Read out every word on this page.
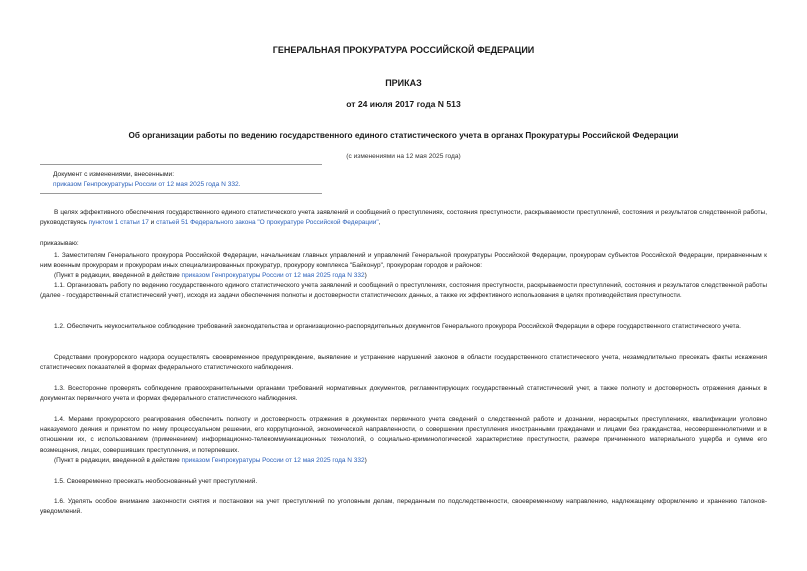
ГЕНЕРАЛЬНАЯ ПРОКУРАТУРА РОССИЙСКОЙ ФЕДЕРАЦИИ
ПРИКАЗ
от 24 июля 2017 года N 513
Об организации работы по ведению государственного единого статистического учета в органах Прокуратуры Российской Федерации
(с изменениями на 12 мая 2025 года)
Документ с изменениями, внесенными:
приказом Генпрокуратуры России от 12 мая 2025 года N 332.
В целях эффективного обеспечения государственного единого статистического учета заявлений и сообщений о преступлениях, состояния преступности, раскрываемости преступлений, состояния и результатов следственной работы, руководствуясь пунктом 1 статьи 17 и статьей 51 Федерального закона "О прокуратуре Российской Федерации",
приказываю:
1. Заместителям Генерального прокурора Российской Федерации, начальникам главных управлений и управлений Генеральной прокуратуры Российской Федерации, прокурорам субъектов Российской Федерации, приравненным к ним военным прокурорам и прокурорам иных специализированных прокуратур, прокурору комплекса "Байконур", прокурорам городов и районов:
(Пункт в редакции, введенной в действие приказом Генпрокуратуры России от 12 мая 2025 года N 332)
1.1. Организовать работу по ведению государственного единого статистического учета заявлений и сообщений о преступлениях, состояния преступности, раскрываемости преступлений, состояния и результатов следственной работы (далее - государственный статистический учет), исходя из задачи обеспечения полноты и достоверности статистических данных, а также их эффективного использования в целях противодействия преступности.
1.2. Обеспечить неукоснительное соблюдение требований законодательства и организационно-распорядительных документов Генерального прокурора Российской Федерации в сфере государственного статистического учета.
Средствами прокурорского надзора осуществлять своевременное предупреждение, выявление и устранение нарушений законов в области государственного статистического учета, незамедлительно пресекать факты искажения статистических показателей в формах федерального статистического наблюдения.
1.3. Всесторонне проверять соблюдение правоохранительными органами требований нормативных документов, регламентирующих государственный статистический учет, а также полноту и достоверность отражения данных в документах первичного учета и формах федерального статистического наблюдения.
1.4. Мерами прокурорского реагирования обеспечить полноту и достоверность отражения в документах первичного учета сведений о следственной работе и дознании, нераскрытых преступлениях, квалификации уголовно наказуемого деяния и принятом по нему процессуальном решении, его коррупционной, экономической направленности, о совершении преступления иностранными гражданами и лицами без гражданства, несовершеннолетними и в отношении их, с использованием (применением) информационно-телекоммуникационных технологий, о социально-криминологической характеристике преступности, размере причиненного материального ущерба и сумме его возмещения, лицах, совершивших преступления, и потерпевших.
(Пункт в редакции, введенной в действие приказом Генпрокуратуры России от 12 мая 2025 года N 332)
1.5. Своевременно пресекать необоснованный учет преступлений.
1.6. Уделять особое внимание законности снятия и постановки на учет преступлений по уголовным делам, переданным по подследственности, своевременному направлению, надлежащему оформлению и хранению талонов-уведомлений.
